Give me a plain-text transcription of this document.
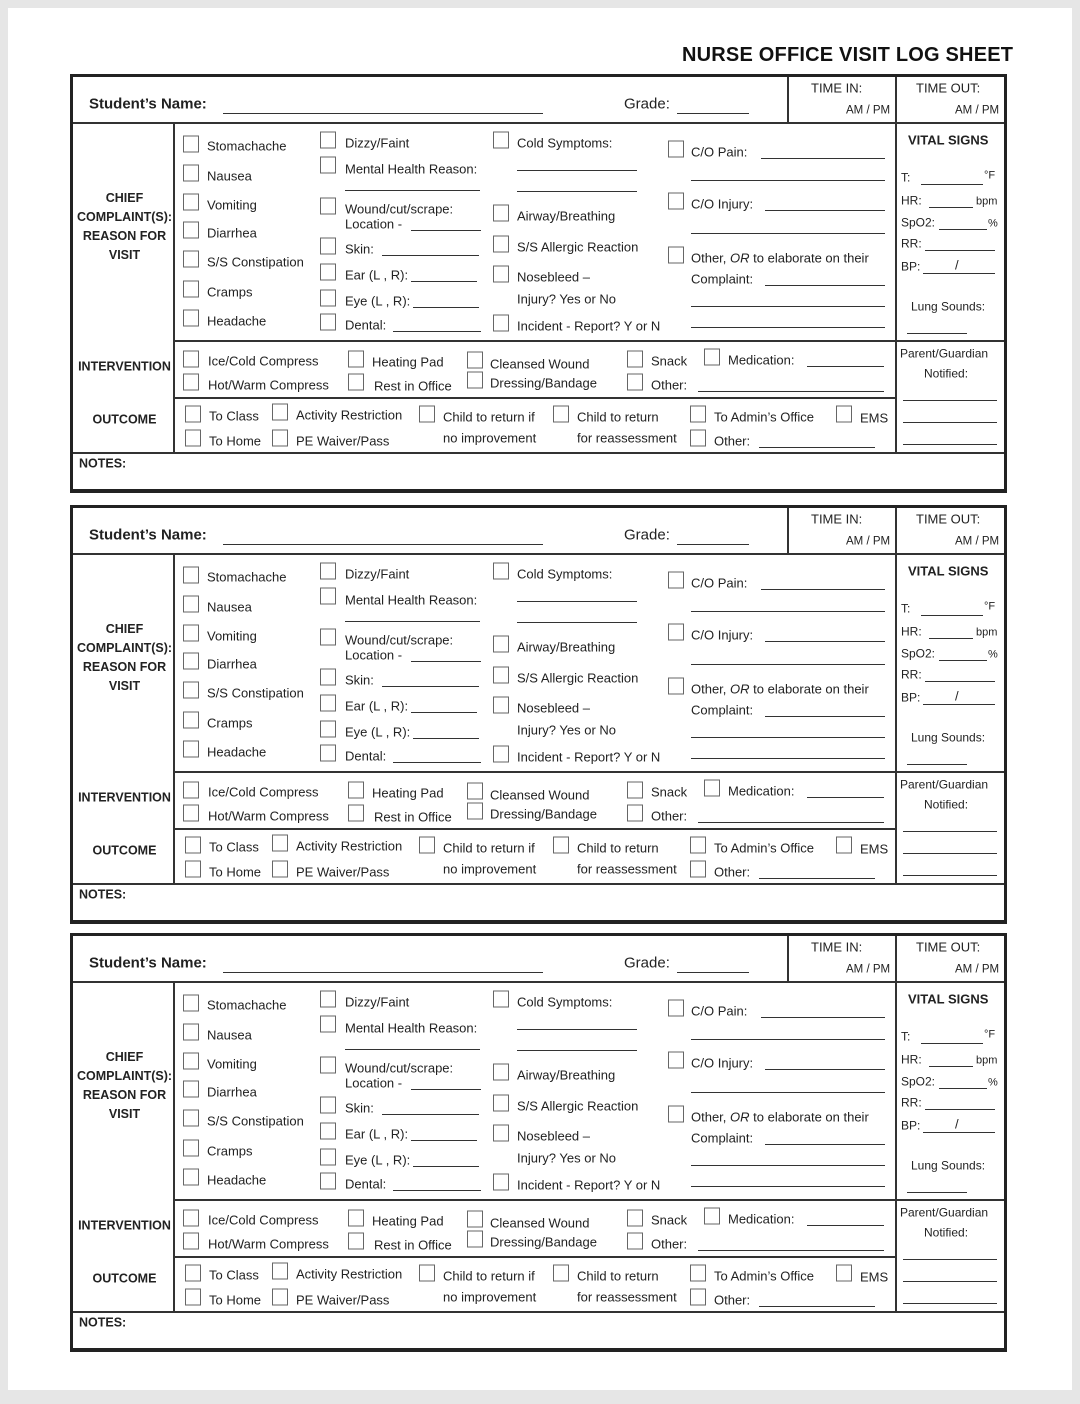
NURSE OFFICE VISIT LOG SHEET
Student’s Name:	Grade:
TIME IN:
AM / PM
TIME OUT:
AM / PM
CHIEF COMPLAINT(S): REASON FOR VISIT
INTERVENTION
OUTCOME
NOTES:
Stomachache
Nausea
Vomiting
Diarrhea
S/S Constipation
Cramps
Headache
Dizzy/Faint
Mental Health Reason:
Wound/cut/scrape:
Location -
Skin:
Ear (L , R):
Eye (L , R):
Dental:
Cold Symptoms:
Airway/Breathing
S/S Allergic Reaction
Nosebleed –
Injury? Yes or No
Incident - Report? Y or N
C/O Pain:
C/O Injury:
Other, OR to elaborate on their
Complaint:
VITAL SIGNS
T:	°F
HR:	bpm
SpO2:	%
RR:
BP:	/
Lung Sounds:
Ice/Cold Compress
Hot/Warm Compress
Heating Pad
Rest in Office
Cleansed Wound
Dressing/Bandage
Snack
Other:
Medication:	Parent/Guardian
Notified:
To Class
To Home
Activity Restriction
PE Waiver/Pass
Child to return if
no improvement
Child to return
for reassessment
To Admin’s Office
Other:
EMS
Student’s Name:	Grade:
TIME IN:
AM / PM
TIME OUT:
AM / PM
CHIEF COMPLAINT(S): REASON FOR VISIT
INTERVENTION
OUTCOME
NOTES:
Stomachache
Nausea
Vomiting
Diarrhea
S/S Constipation
Cramps
Headache
Dizzy/Faint
Mental Health Reason:
Wound/cut/scrape:
Location -
Skin:
Ear (L , R):
Eye (L , R):
Dental:
Cold Symptoms:
Airway/Breathing
S/S Allergic Reaction
Nosebleed –
Injury? Yes or No
Incident - Report? Y or N
C/O Pain:
C/O Injury:
Other, OR to elaborate on their
Complaint:
VITAL SIGNS
T:	°F
HR:	bpm
SpO2:	%
RR:
BP:	/
Lung Sounds:
Ice/Cold Compress
Hot/Warm Compress
Heating Pad
Rest in Office
Cleansed Wound
Dressing/Bandage
Snack
Other:
Medication:	Parent/Guardian
Notified:
To Class
To Home
Activity Restriction
PE Waiver/Pass
Child to return if
no improvement
Child to return
for reassessment
To Admin’s Office
Other:
EMS
Student’s Name:	Grade:
TIME IN:
AM / PM
TIME OUT:
AM / PM
CHIEF COMPLAINT(S): REASON FOR VISIT
INTERVENTION
OUTCOME
NOTES:
Stomachache
Nausea
Vomiting
Diarrhea
S/S Constipation
Cramps
Headache
Dizzy/Faint
Mental Health Reason:
Wound/cut/scrape:
Location -
Skin:
Ear (L , R):
Eye (L , R):
Dental:
Cold Symptoms:
Airway/Breathing
S/S Allergic Reaction
Nosebleed –
Injury? Yes or No
Incident - Report? Y or N
C/O Pain:
C/O Injury:
Other, OR to elaborate on their
Complaint:
VITAL SIGNS
T:	°F
HR:	bpm
SpO2:	%
RR:
BP:	/
Lung Sounds:
Ice/Cold Compress
Hot/Warm Compress
Heating Pad
Rest in Office
Cleansed Wound
Dressing/Bandage
Snack
Other:
Medication:	Parent/Guardian
Notified:
To Class
To Home
Activity Restriction
PE Waiver/Pass
Child to return if
no improvement
Child to return
for reassessment
To Admin’s Office
Other:
EMS
